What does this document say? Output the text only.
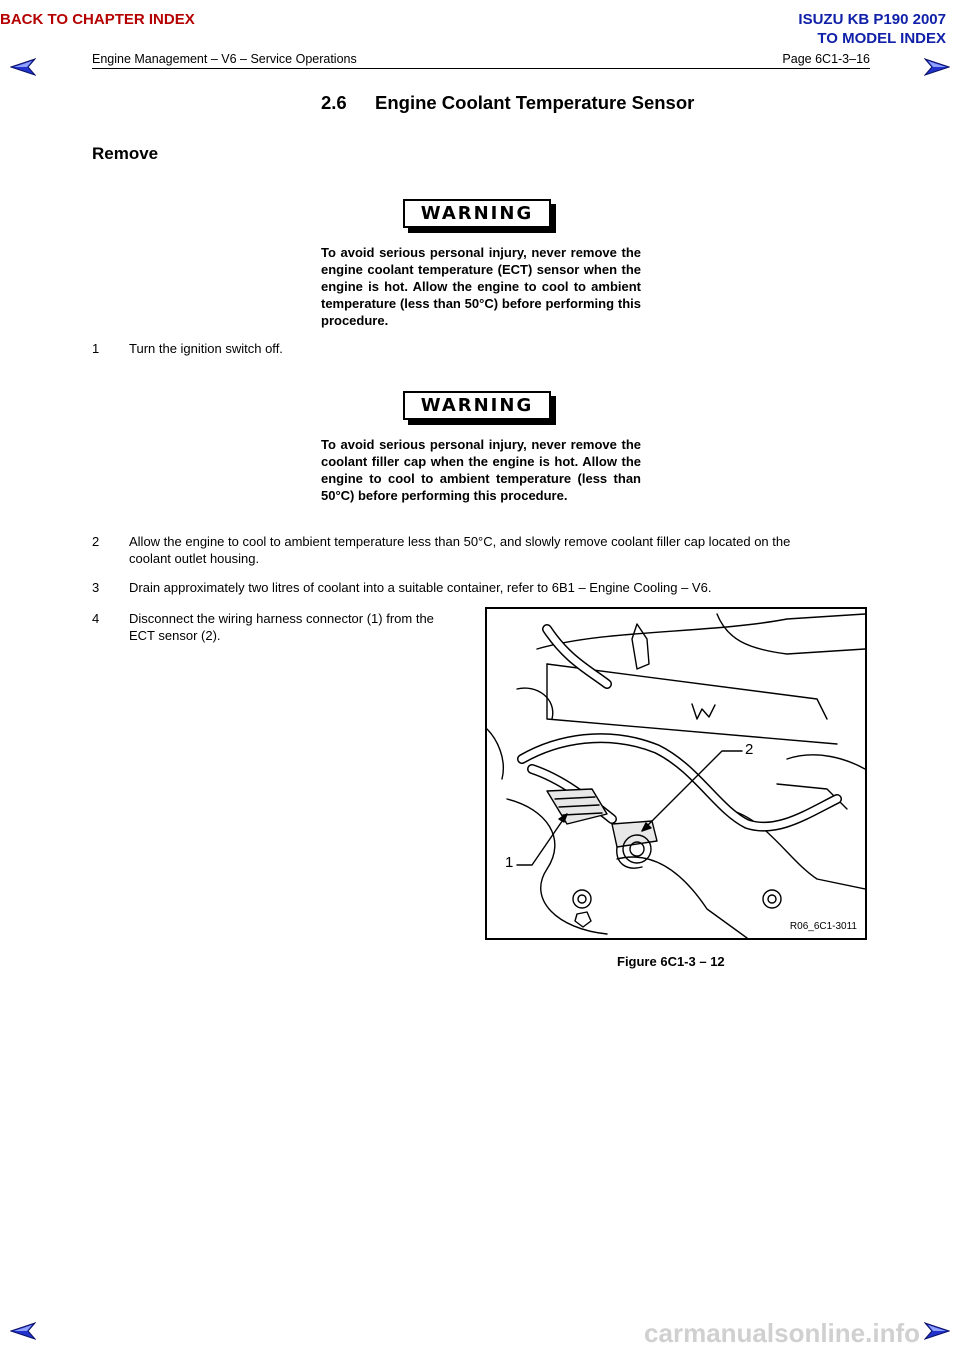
BACK TO CHAPTER INDEX	ISUZU KB P190 2007
TO MODEL INDEX
Engine Management – V6 – Service Operations	Page 6C1-3–16
2.6 Engine Coolant Temperature Sensor
Remove
WARNING
To avoid serious personal injury, never remove the engine coolant temperature (ECT) sensor when the engine is hot. Allow the engine to cool to ambient temperature (less than 50°C) before performing this procedure.
1 Turn the ignition switch off.
WARNING
To avoid serious personal injury, never remove the coolant filler cap when the engine is hot. Allow the engine to cool to ambient temperature (less than 50°C) before performing this procedure.
2 Allow the engine to cool to ambient temperature less than 50°C, and slowly remove coolant filler cap located on the
coolant outlet housing.
3 Drain approximately two litres of coolant into a suitable container, refer to 6B1 – Engine Cooling – V6.
4 Disconnect the wiring harness connector (1) from the
ECT sensor (2).
1
2
R06_6C1-3011
Figure 6C1-3 – 12
carmanualsonline.info
